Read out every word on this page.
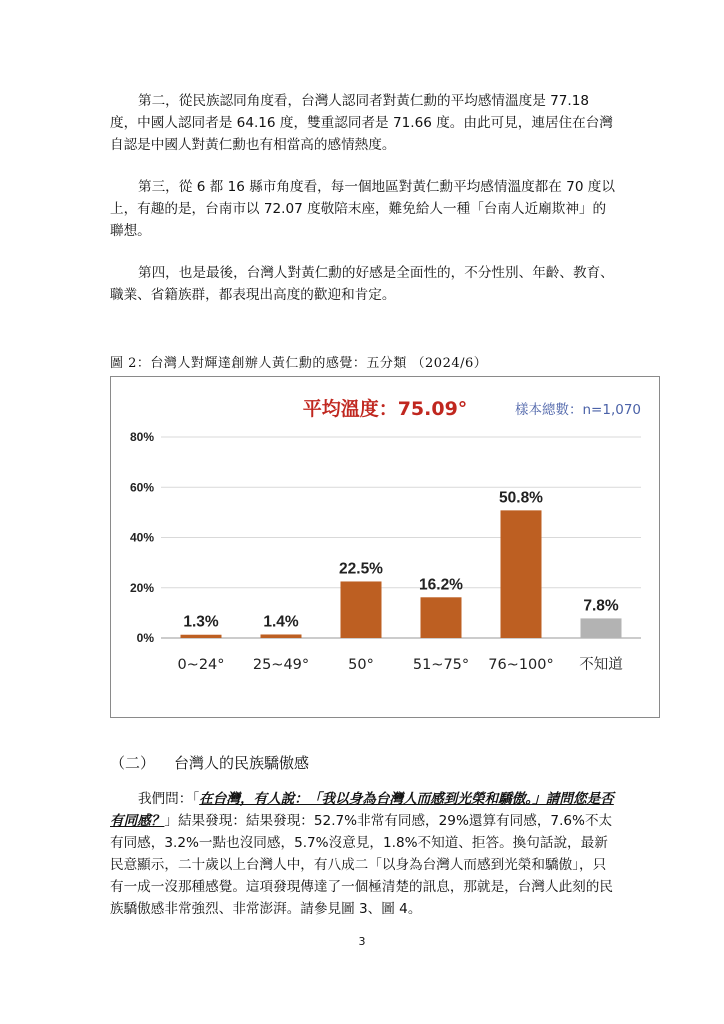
第二，從民族認同角度看，台灣人認同者對黃仁勳的平均感情溫度是 77.18 度，中國人認同者是 64.16 度，雙重認同者是 71.66 度。由此可見，連居住在台灣自認是中國人對黃仁勳也有相當高的感情熱度。

第三，從 6 都 16 縣市角度看，每一個地區對黃仁勳平均感情溫度都在 70 度以上，有趣的是，台南市以 72.07 度敬陪末座，難免給人一種「台南人近廟欺神」的聯想。

第四，也是最後，台灣人對黃仁勳的好感是全面性的，不分性別、年齡、教育、職業、省籍族群，都表現出高度的歡迎和肯定。

圖 2：台灣人對輝達創辦人黃仁勳的感覺：五分類 （2024/6）
0%
20%
40%
60%
80%
平均溫度：75.09°	樣本總數：n=1,070
1.3%
0~24°
1.4%
25~49°
22.5%
50°
16.2%
51~75°
50.8%
76~100°
7.8%
不知道
（二） 台灣人的民族驕傲感

我們問：「在台灣，有人說：「我以身為台灣人而感到光榮和驕傲。」請問您是否有同感？」結果發現：結果發現：52.7%非常有同感，29%還算有同感，7.6%不太有同感，3.2%一點也沒同感，5.7%沒意見，1.8%不知道、拒答。換句話說，最新民意顯示，二十歲以上台灣人中，有八成二「以身為台灣人而感到光榮和驕傲」，只有一成一沒那種感覺。這項發現傳達了一個極清楚的訊息，那就是，台灣人此刻的民族驕傲感非常強烈、非常澎湃。請參見圖 3、圖 4。

3
